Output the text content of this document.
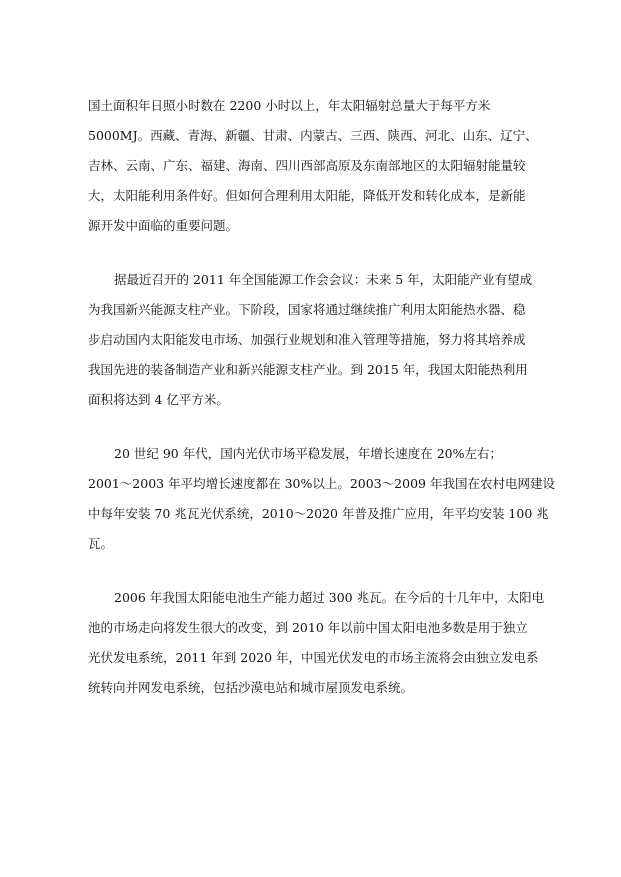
国土面积年日照小时数在 2200 小时以上，年太阳辐射总量大于每平方米
5000MJ。西藏、青海、新疆、甘肃、内蒙古、三西、陕西、河北、山东、辽宁、
吉林、云南、广东、福建、海南、四川西部高原及东南部地区的太阳辐射能量较
大，太阳能利用条件好。但如何合理利用太阳能，降低开发和转化成本，是新能
源开发中面临的重要问题。
据最近召开的 2011 年全国能源工作会会议：未来 5 年，太阳能产业有望成
为我国新兴能源支柱产业。下阶段，国家将通过继续推广利用太阳能热水器、稳
步启动国内太阳能发电市场、加强行业规划和准入管理等措施，努力将其培养成
我国先进的装备制造产业和新兴能源支柱产业。到 2015 年，我国太阳能热利用
面积将达到 4 亿平方米。
20 世纪 90 年代，国内光伏市场平稳发展，年增长速度在 20%左右；
2001～2003 年平均增长速度都在 30%以上。2003～2009 年我国在农村电网建设
中每年安装 70 兆瓦光伏系统，2010～2020 年普及推广应用，年平均安装 100 兆
瓦。
2006 年我国太阳能电池生产能力超过 300 兆瓦。在今后的十几年中，太阳电
池的市场走向将发生很大的改变，到 2010 年以前中国太阳电池多数是用于独立
光伏发电系统，2011 年到 2020 年，中国光伏发电的市场主流将会由独立发电系
统转向并网发电系统，包括沙漠电站和城市屋顶发电系统。
